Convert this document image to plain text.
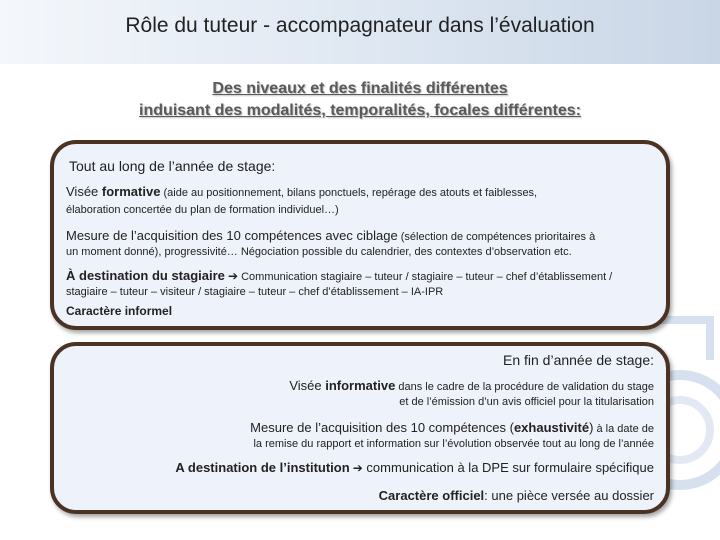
Rôle du tuteur - accompagnateur dans l’évaluation
Des niveaux et des finalités différentes
induisant des modalités, temporalités, focales différentes:
Tout au long de l’année de stage:
Visée formative (aide au positionnement, bilans ponctuels, repérage des atouts et faiblesses,
élaboration concertée du plan de formation individuel…)
Mesure de l’acquisition des 10 compétences avec ciblage (sélection de compétences prioritaires à
un moment donné), progressivité… Négociation possible du calendrier, des contextes d’observation etc.
À destination du stagiaire ➔ Communication stagiaire – tuteur / stagiaire – tuteur – chef d’établissement /
stagiaire – tuteur – visiteur / stagiaire – tuteur – chef d’établissement – IA-IPR
Caractère informel
En fin d’année de stage:
Visée informative dans le cadre de la procédure de validation du stage
et de l’émission d’un avis officiel pour la titularisation
Mesure de l’acquisition des 10 compétences (exhaustivité) à la date de
la remise du rapport et information sur l’évolution observée tout au long de l’année
A destination de l’institution ➔ communication à la DPE sur formulaire spécifique
Caractère officiel: une pièce versée au dossier
